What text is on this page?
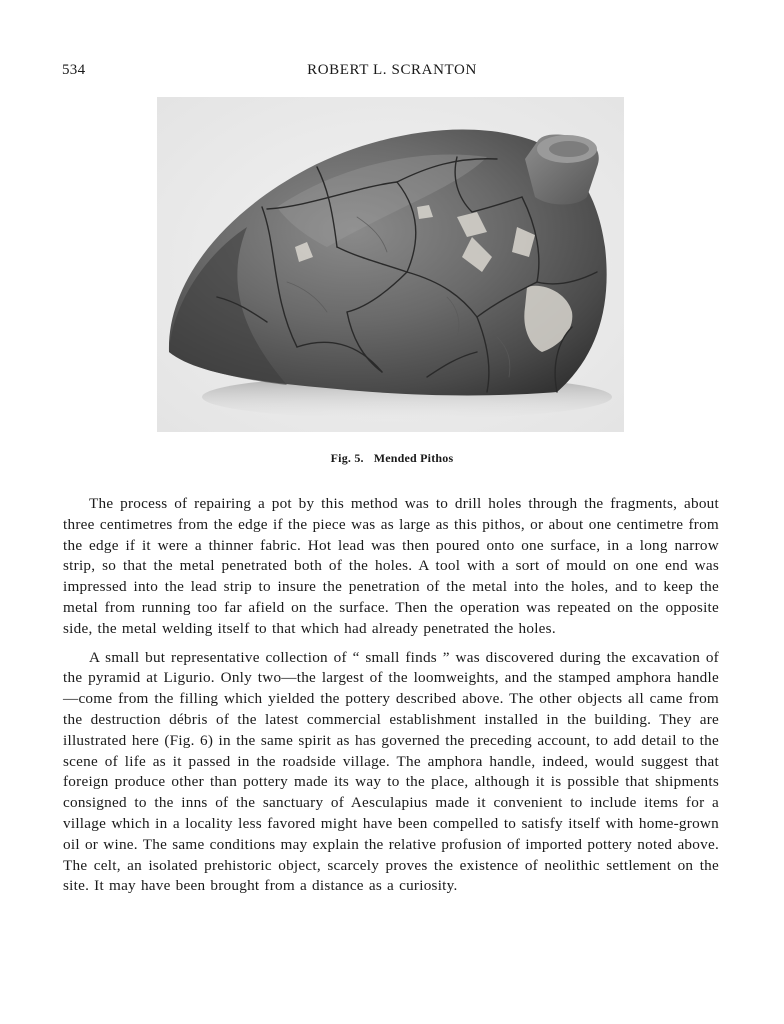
534	ROBERT L. SCRANTON
Fig. 5. Mended Pithos

The process of repairing a pot by this method was to drill holes through the fragments, about three centimetres from the edge if the piece was as large as this pithos, or about one centimetre from the edge if it were a thinner fabric. Hot lead was then poured onto one surface, in a long narrow strip, so that the metal penetrated both of the holes. A tool with a sort of mould on one end was impressed into the lead strip to insure the penetration of the metal into the holes, and to keep the metal from running too far afield on the surface. Then the operation was repeated on the opposite side, the metal welding itself to that which had already penetrated the holes.

A small but representative collection of “ small finds ” was discovered during the excavation of the pyramid at Ligurio. Only two—the largest of the loomweights, and the stamped amphora handle—come from the filling which yielded the pottery described above. The other objects all came from the destruction débris of the latest commercial establishment installed in the building. They are illustrated here (Fig. 6) in the same spirit as has governed the preceding account, to add detail to the scene of life as it passed in the roadside village. The amphora handle, indeed, would suggest that foreign produce other than pottery made its way to the place, although it is possible that shipments consigned to the inns of the sanctuary of Aesculapius made it convenient to include items for a village which in a locality less favored might have been compelled to satisfy itself with home-grown oil or wine. The same conditions may explain the relative profusion of imported pottery noted above. The celt, an isolated prehistoric object, scarcely proves the existence of neolithic settlement on the site. It may have been brought from a distance as a curiosity.
